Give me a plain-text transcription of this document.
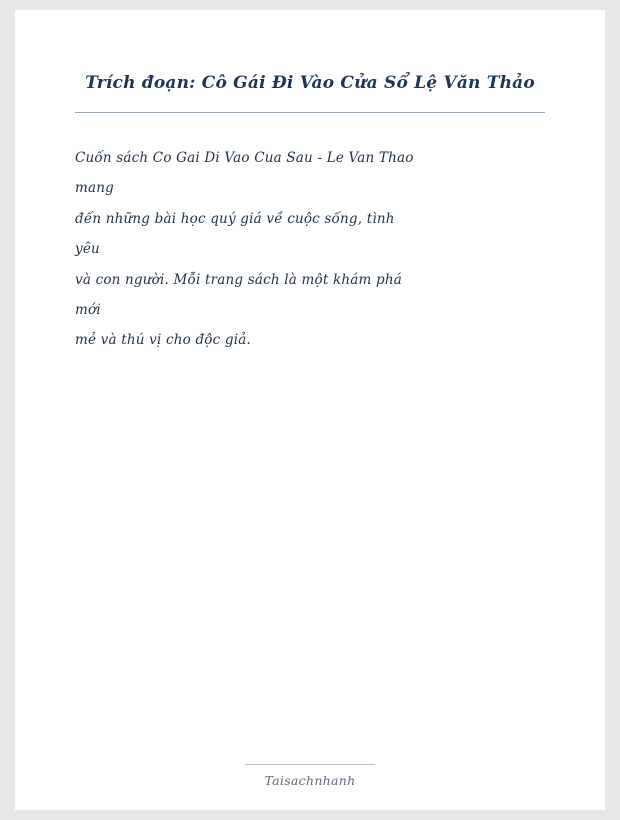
Trích đoạn: Cô Gái Đi Vào Cửa Sổ Lệ Văn Thảo
Cuốn sách Co Gai Di Vao Cua Sau - Le Van Thao
mang
đến những bài học quý giá về cuộc sống, tình
yêu
và con người. Mỗi trang sách là một khám phá
mới
mẻ và thú vị cho độc giả.
Taisachnhanh
